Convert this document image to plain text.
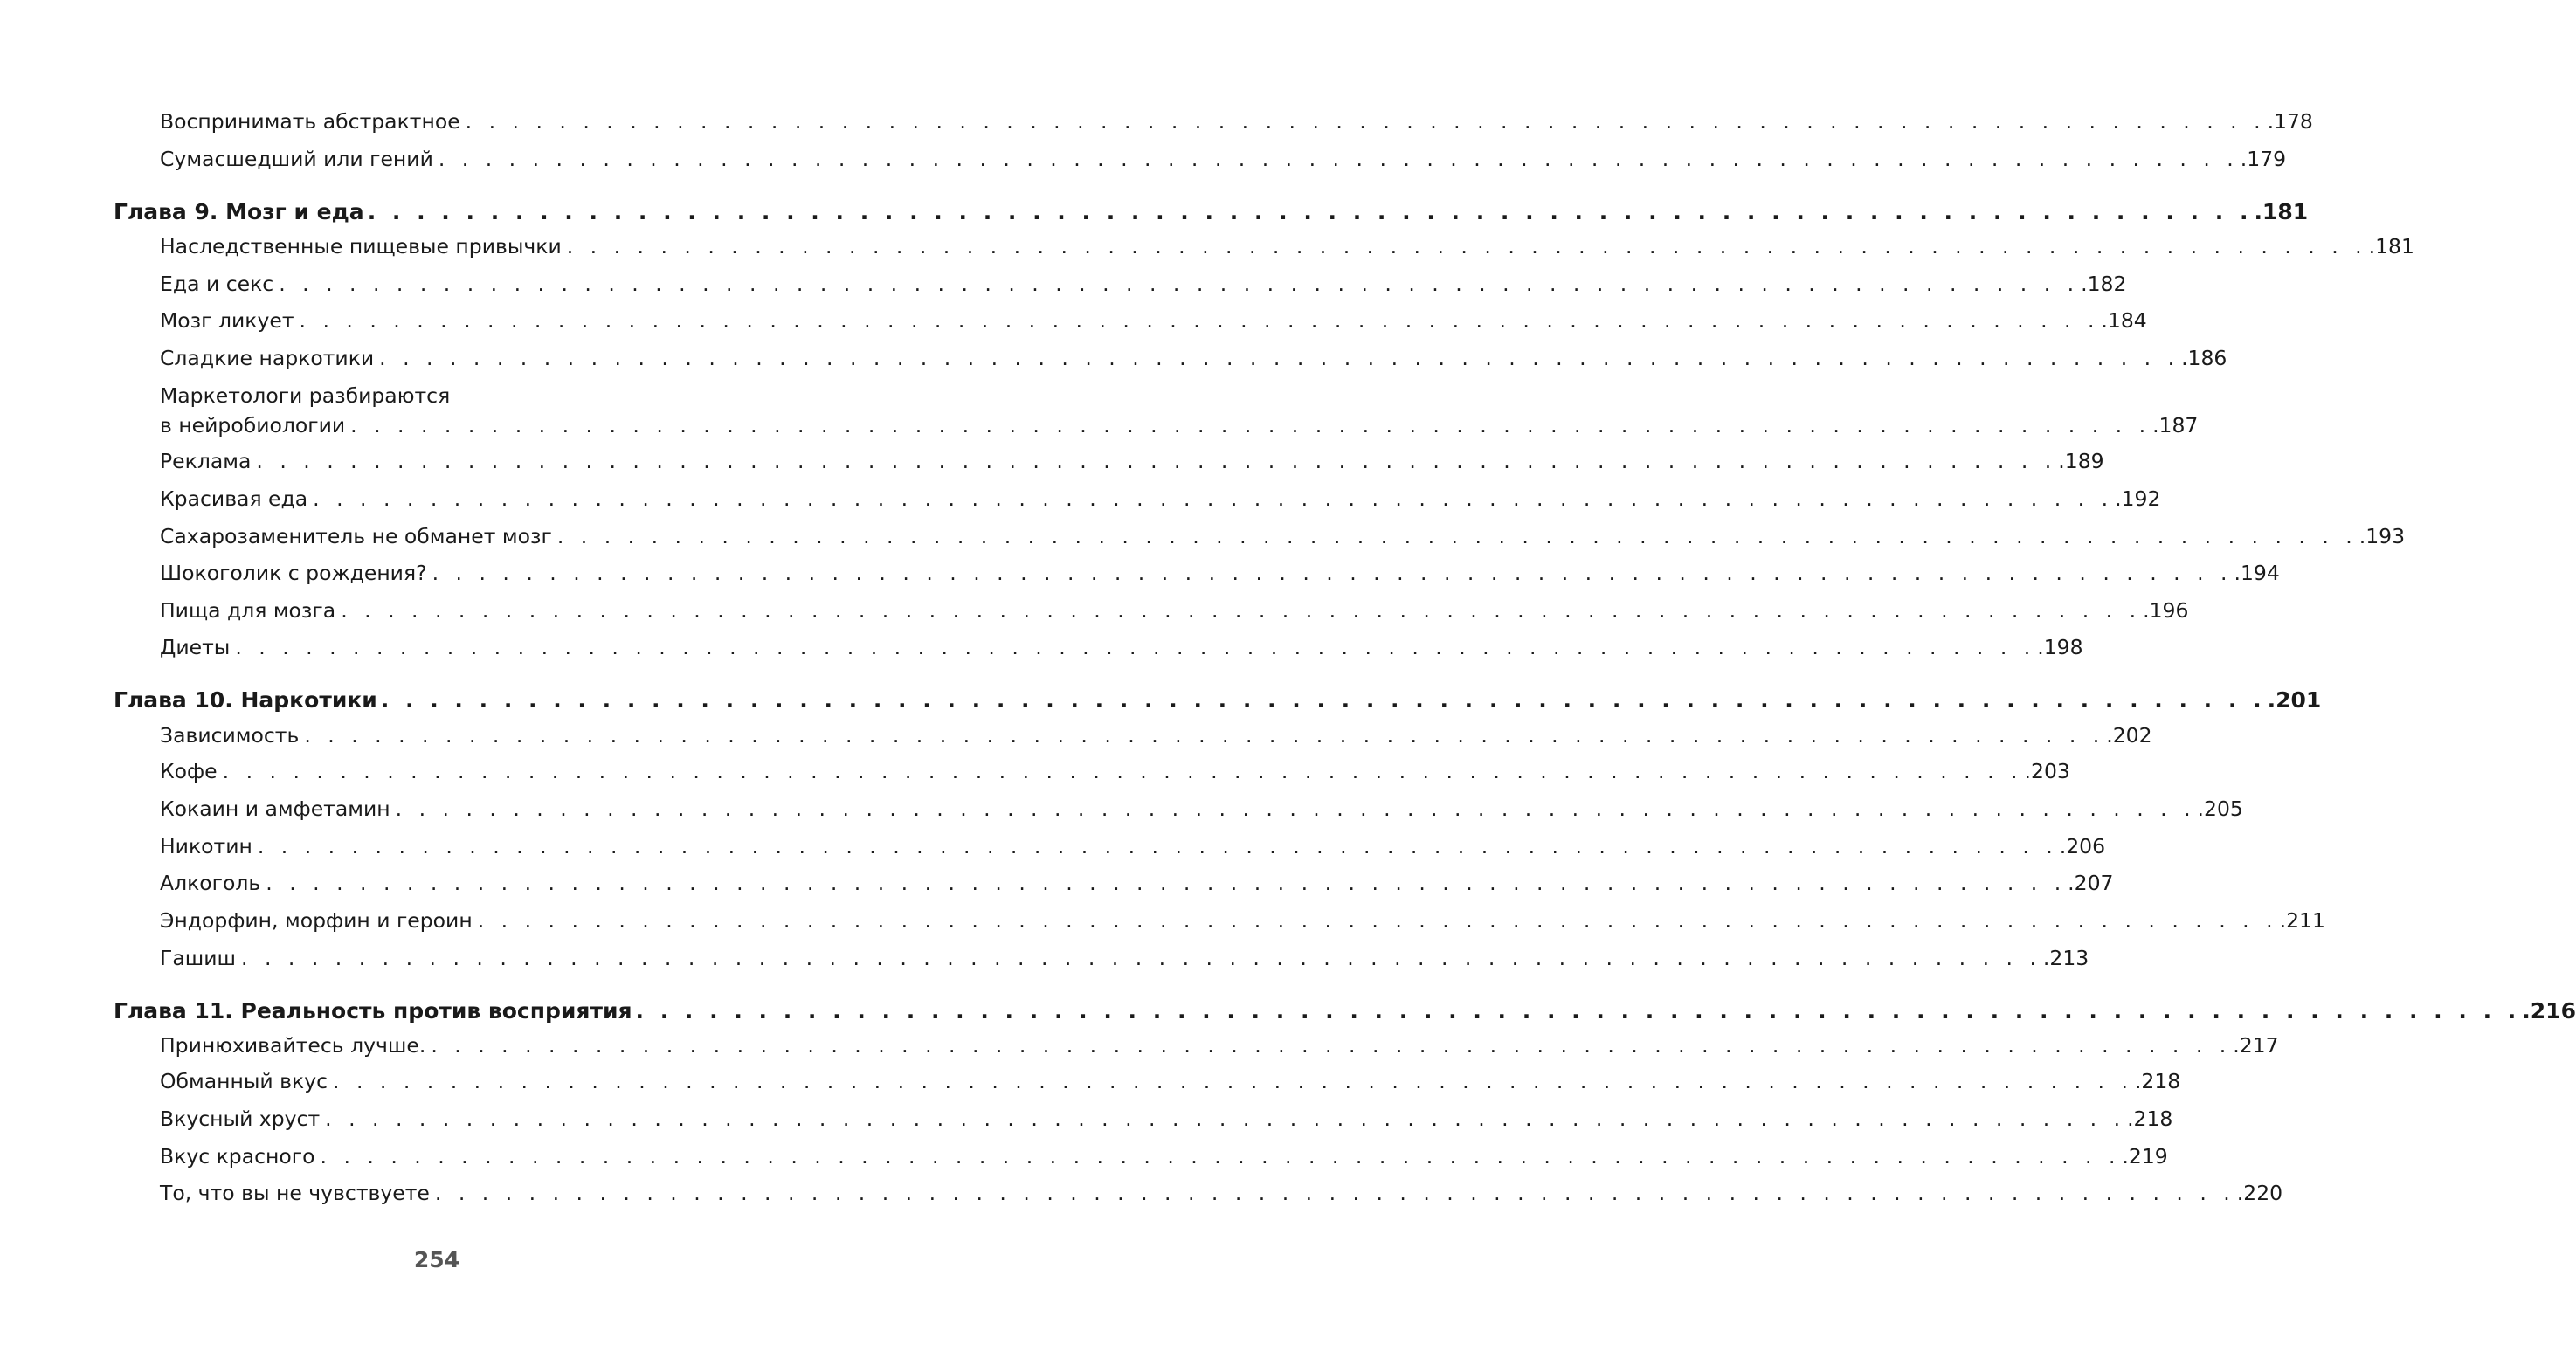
Воспринимать абстрактное . . . . . . . . . . . . . . . . . . . . . . . . . . . . . . . . . . . . . . . . . . . . . . . . . . . . . . . . . . . . . . . . . . . . . . . . . . . . . .178
Сумасшедший или гений . . . . . . . . . . . . . . . . . . . . . . . . . . . . . . . . . . . . . . . . . . . . . . . . . . . . . . . . . . . . . . . . . . . . . . . . . . . . . .179
Глава 9. Мозг и еда . . . . . . . . . . . . . . . . . . . . . . . . . . . . . . . . . . . . . . . . . . . . . . . . . . . . . . . . . . . . . . . . . . . . . . . . . . . . . .181
Наследственные пищевые привычки . . . . . . . . . . . . . . . . . . . . . . . . . . . . . . . . . . . . . . . . . . . . . . . . . . . . . . . . . . . . . . . . . . . . . . . . . . . . . .181
Еда и секс . . . . . . . . . . . . . . . . . . . . . . . . . . . . . . . . . . . . . . . . . . . . . . . . . . . . . . . . . . . . . . . . . . . . . . . . . . . . . .182
Мозг ликует . . . . . . . . . . . . . . . . . . . . . . . . . . . . . . . . . . . . . . . . . . . . . . . . . . . . . . . . . . . . . . . . . . . . . . . . . . . . . .184
Сладкие наркотики . . . . . . . . . . . . . . . . . . . . . . . . . . . . . . . . . . . . . . . . . . . . . . . . . . . . . . . . . . . . . . . . . . . . . . . . . . . . . .186
Маркетологи разбираются
в нейробиологии . . . . . . . . . . . . . . . . . . . . . . . . . . . . . . . . . . . . . . . . . . . . . . . . . . . . . . . . . . . . . . . . . . . . . . . . . . . . . .187
Реклама . . . . . . . . . . . . . . . . . . . . . . . . . . . . . . . . . . . . . . . . . . . . . . . . . . . . . . . . . . . . . . . . . . . . . . . . . . . . . .189
Красивая еда . . . . . . . . . . . . . . . . . . . . . . . . . . . . . . . . . . . . . . . . . . . . . . . . . . . . . . . . . . . . . . . . . . . . . . . . . . . . . .192
Сахарозаменитель не обманет мозг . . . . . . . . . . . . . . . . . . . . . . . . . . . . . . . . . . . . . . . . . . . . . . . . . . . . . . . . . . . . . . . . . . . . . . . . . . . . . .193
Шокоголик с рождения? . . . . . . . . . . . . . . . . . . . . . . . . . . . . . . . . . . . . . . . . . . . . . . . . . . . . . . . . . . . . . . . . . . . . . . . . . . . . . .194
Пища для мозга . . . . . . . . . . . . . . . . . . . . . . . . . . . . . . . . . . . . . . . . . . . . . . . . . . . . . . . . . . . . . . . . . . . . . . . . . . . . . .196
Диеты . . . . . . . . . . . . . . . . . . . . . . . . . . . . . . . . . . . . . . . . . . . . . . . . . . . . . . . . . . . . . . . . . . . . . . . . . . . . . .198
Глава 10. Наркотики . . . . . . . . . . . . . . . . . . . . . . . . . . . . . . . . . . . . . . . . . . . . . . . . . . . . . . . . . . . . . . . . . . . . . . . . . . . . . .201
Зависимость . . . . . . . . . . . . . . . . . . . . . . . . . . . . . . . . . . . . . . . . . . . . . . . . . . . . . . . . . . . . . . . . . . . . . . . . . . . . . .202
Кофе . . . . . . . . . . . . . . . . . . . . . . . . . . . . . . . . . . . . . . . . . . . . . . . . . . . . . . . . . . . . . . . . . . . . . . . . . . . . . .203
Кокаин и амфетамин . . . . . . . . . . . . . . . . . . . . . . . . . . . . . . . . . . . . . . . . . . . . . . . . . . . . . . . . . . . . . . . . . . . . . . . . . . . . . .205
Никотин . . . . . . . . . . . . . . . . . . . . . . . . . . . . . . . . . . . . . . . . . . . . . . . . . . . . . . . . . . . . . . . . . . . . . . . . . . . . . .206
Алкоголь . . . . . . . . . . . . . . . . . . . . . . . . . . . . . . . . . . . . . . . . . . . . . . . . . . . . . . . . . . . . . . . . . . . . . . . . . . . . . .207
Эндорфин, морфин и героин . . . . . . . . . . . . . . . . . . . . . . . . . . . . . . . . . . . . . . . . . . . . . . . . . . . . . . . . . . . . . . . . . . . . . . . . . . . . . .211
Гашиш . . . . . . . . . . . . . . . . . . . . . . . . . . . . . . . . . . . . . . . . . . . . . . . . . . . . . . . . . . . . . . . . . . . . . . . . . . . . . .213
Глава 11. Реальность против восприятия . . . . . . . . . . . . . . . . . . . . . . . . . . . . . . . . . . . . . . . . . . . . . . . . . . . . . . . . . . . . . . . . . . . . . . . . . . . . . .216
Принюхивайтесь лучше. . . . . . . . . . . . . . . . . . . . . . . . . . . . . . . . . . . . . . . . . . . . . . . . . . . . . . . . . . . . . . . . . . . . . . . . . . . . . . .217
Обманный вкус . . . . . . . . . . . . . . . . . . . . . . . . . . . . . . . . . . . . . . . . . . . . . . . . . . . . . . . . . . . . . . . . . . . . . . . . . . . . . .218
Вкусный хруст . . . . . . . . . . . . . . . . . . . . . . . . . . . . . . . . . . . . . . . . . . . . . . . . . . . . . . . . . . . . . . . . . . . . . . . . . . . . . .218
Вкус красного . . . . . . . . . . . . . . . . . . . . . . . . . . . . . . . . . . . . . . . . . . . . . . . . . . . . . . . . . . . . . . . . . . . . . . . . . . . . . .219
То, что вы не чувствуете . . . . . . . . . . . . . . . . . . . . . . . . . . . . . . . . . . . . . . . . . . . . . . . . . . . . . . . . . . . . . . . . . . . . . . . . . . . . . .220
254
